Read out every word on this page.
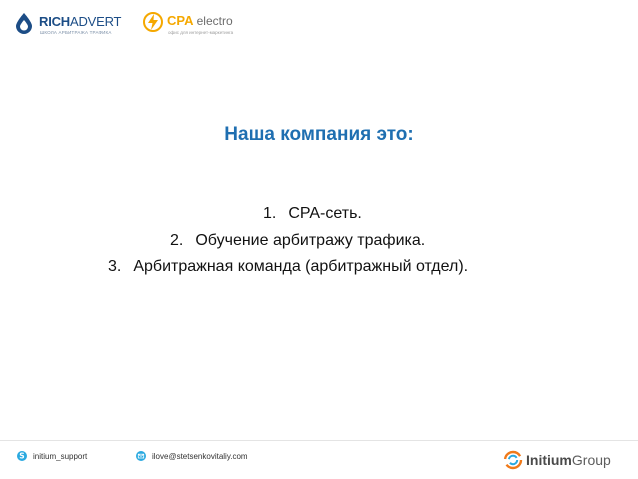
RICHADVERT
ШКОЛА АРБИТРАЖА ТРАФИКА
CPA electro
офис для интернет-маркетинга
Наша компания это:
1. CPA-сеть.
2. Обучение арбитражу трафика.
3. Арбитражная команда (арбитражный отдел).
S initium_support	ilove@stetsenkovitaliy.com	InitiumGroup
